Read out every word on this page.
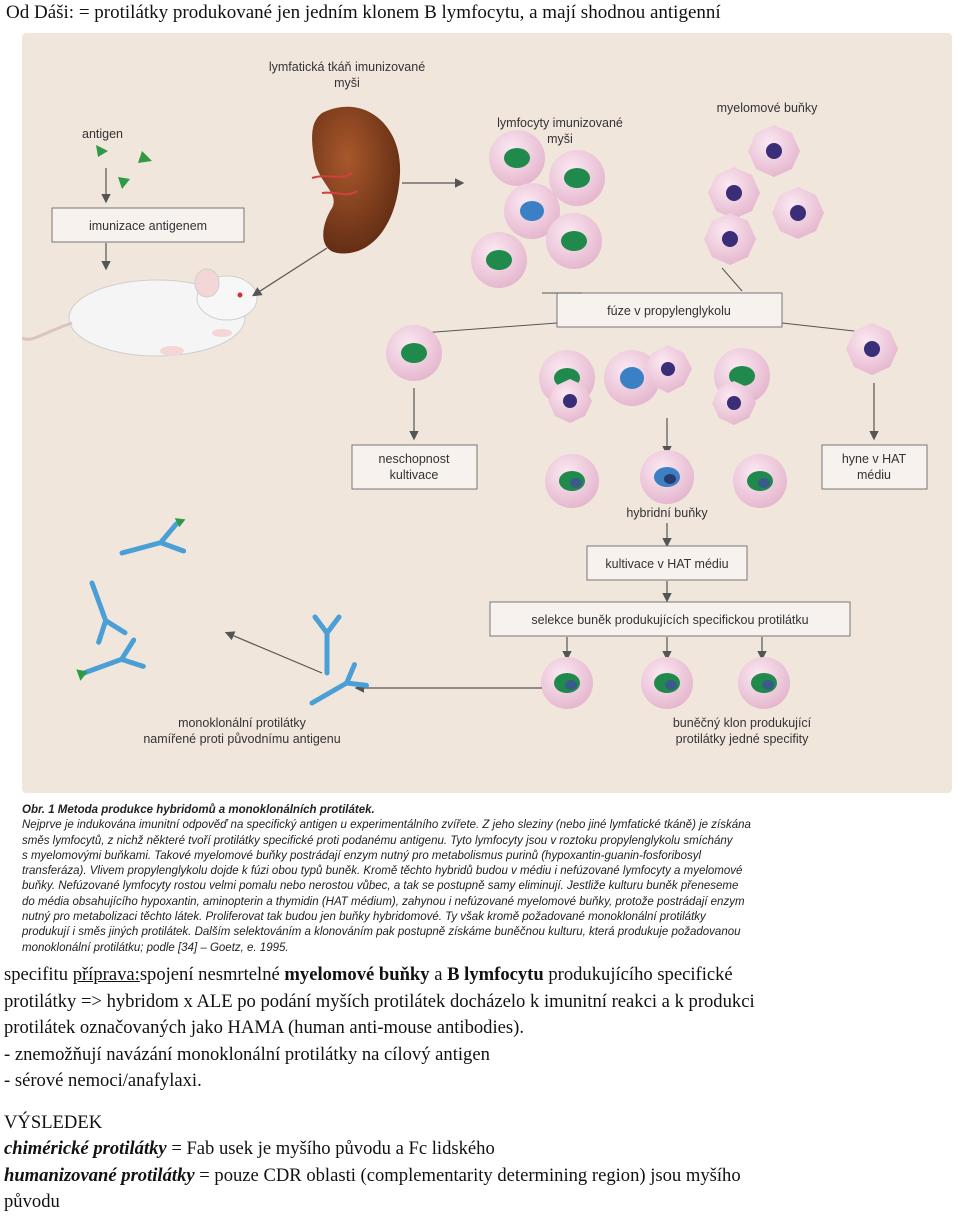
Od Dáši: = protilátky produkované jen jedním klonem B lymfocytu, a mají shodnou antigenní
antigen
imunizace antigenem
lymfatická tkáň imunizované
myši
lymfocyty imunizované
myši
myelomové buňky
fúze v propylenglykolu
neschopnost
kultivace
hyne v HAT
médiu
hybridní buňky
kultivace v HAT médiu
selekce buněk produkujících specifickou protilátku
buněčný klon produkující
protilátky jedné specifity
monoklonální protilátky
namířené proti původnímu antigenu
Obr. 1 Metoda produkce hybridomů a monoklonálních protilátek.
Nejprve je indukována imunitní odpověď na specifický antigen u experimentálního zvířete. Z jeho sleziny (nebo jiné lymfatické tkáně) je získána
směs lymfocytů, z nichž některé tvoří protilátky specifické proti podanému antigenu. Tyto lymfocyty jsou v roztoku propylenglykolu smíchány
s myelomovými buňkami. Takové myelomové buňky postrádají enzym nutný pro metabolismus purinů (hypoxantin-guanin-fosforibosyl
transferáza). Vlivem propylenglykolu dojde k fúzi obou typů buněk. Kromě těchto hybridů budou v médiu i nefúzované lymfocyty a myelomové
buňky. Nefúzované lymfocyty rostou velmi pomalu nebo nerostou vůbec, a tak se postupně samy eliminují. Jestliže kulturu buněk přeneseme
do média obsahujícího hypoxantin, aminopterin a thymidin (HAT médium), zahynou i nefúzované myelomové buňky, protože postrádají enzym
nutný pro metabolizaci těchto látek. Proliferovat tak budou jen buňky hybridomové. Ty však kromě požadované monoklonální protilátky
produkují i směs jiných protilátek. Dalším selektováním a klonováním pak postupně získáme buněčnou kulturu, která produkuje požadovanou
monoklonální protilátku; podle [34] – Goetz, e. 1995.

specifitu příprava:spojení nesmrtelné myelomové buňky a B lymfocytu produkujícího specifické

protilátky => hybridom x ALE po podání myších protilátek docházelo k imunitní reakci a k produkci

protilátek označovaných jako HAMA (human anti-mouse antibodies).

- znemožňují navázání monoklonální protilátky na cílový antigen

- sérové nemoci/anafylaxi.

VÝSLEDEK

chimérické protilátky = Fab usek je myšího původu a Fc lidského

humanizované protilátky = pouze CDR oblasti (complementarity determining region) jsou myšího

původu
